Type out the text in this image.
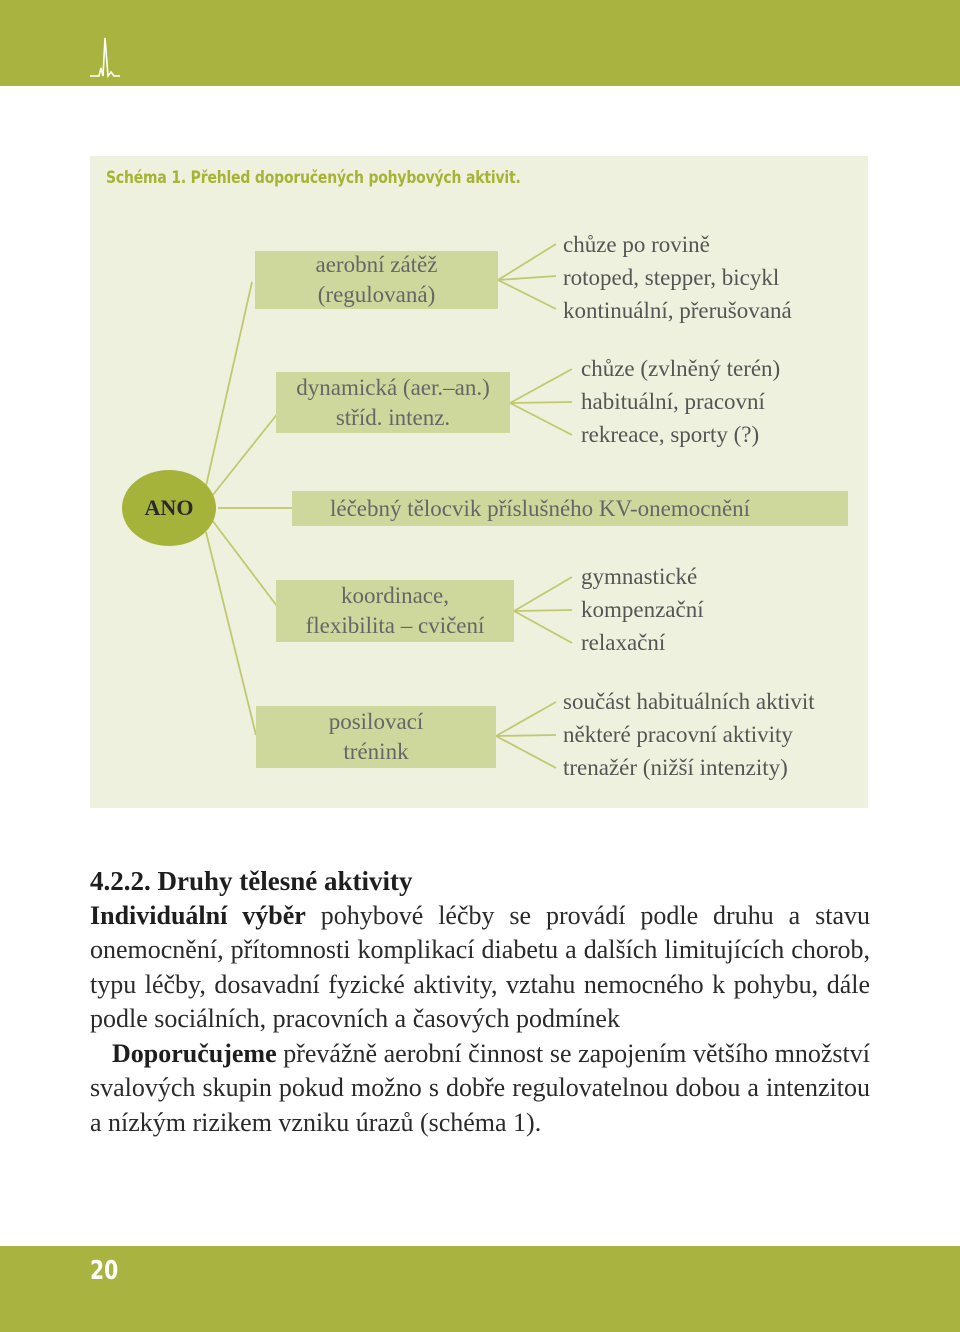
Schéma 1. Přehled doporučených pohybových aktivit.
ANO
aerobní zátěž
(regulovaná)
chůze po rovině
rotoped, stepper, bicykl
kontinuální, přerušovaná
dynamická (aer.–an.)
stříd. intenz.
chůze (zvlněný terén)
habituální, pracovní
rekreace, sporty (?)
léčebný tělocvik příslušného KV-onemocnění
koordinace,
flexibilita – cvičení
gymnastické
kompenzační
relaxační
posilovací
trénink
součást habituálních aktivit
některé pracovní aktivity
trenažér (nižší intenzity)
4.2.2. Druhy tělesné aktivity

Individuální výběr pohybové léčby se provádí podle druhu a stavu onemocnění, přítomnosti komplikací diabetu a dalších limitujících chorob, typu léčby, dosavadní fyzické aktivity, vztahu nemocného k pohybu, dále podle sociálních, pracovních a časových podmínek

Doporučujeme převážně aerobní činnost se zapojením většího množství svalových skupin pokud možno s dobře regulovatelnou dobou a intenzitou a nízkým rizikem vzniku úrazů (schéma 1).

20
